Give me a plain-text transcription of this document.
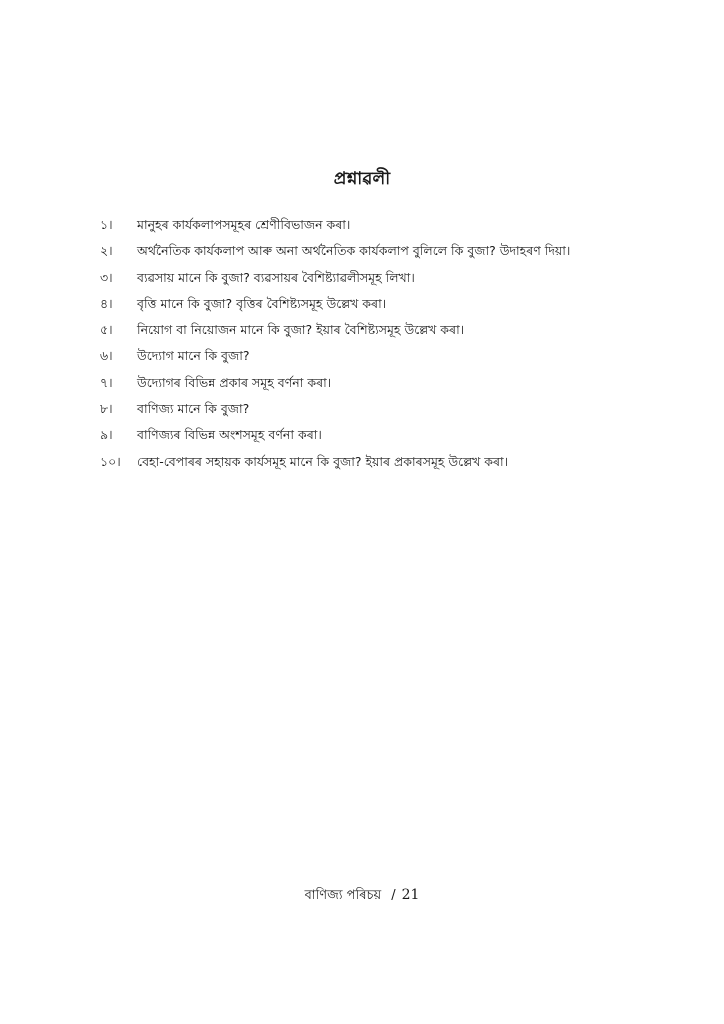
প্রশ্নাৱলী
১।	মানুহৰ কাৰ্যকলাপসমূহৰ শ্ৰেণীবিভাজন কৰা।
২।	অৰ্থনৈতিক কাৰ্যকলাপ আৰু অনা অৰ্থনৈতিক কাৰ্যকলাপ বুলিলে কি বুজা? উদাহৰণ দিয়া।
৩।	ব্যৱসায় মানে কি বুজা? ব্যৱসায়ৰ বৈশিষ্ট্যাৱলীসমূহ লিখা।
৪।	বৃত্তি মানে কি বুজা? বৃত্তিৰ বৈশিষ্ট্যসমূহ উল্লেখ কৰা।
৫।	নিয়োগ বা নিয়োজন মানে কি বুজা? ইয়াৰ বৈশিষ্ট্যসমূহ উল্লেখ কৰা।
৬।	উদ্যোগ মানে কি বুজা?
৭।	উদ্যোগৰ বিভিন্ন প্ৰকাৰ সমূহ বৰ্ণনা কৰা।
৮।	বাণিজ্য মানে কি বুজা?
৯।	বাণিজ্যৰ বিভিন্ন অংশসমূহ বৰ্ণনা কৰা।
১০।	বেহা-বেপাৰৰ সহায়ক কাৰ্যসমূহ মানে কি বুজা? ইয়াৰ প্ৰকাৰসমূহ উল্লেখ কৰা।
বাণিজ্য পৰিচয় / 21
